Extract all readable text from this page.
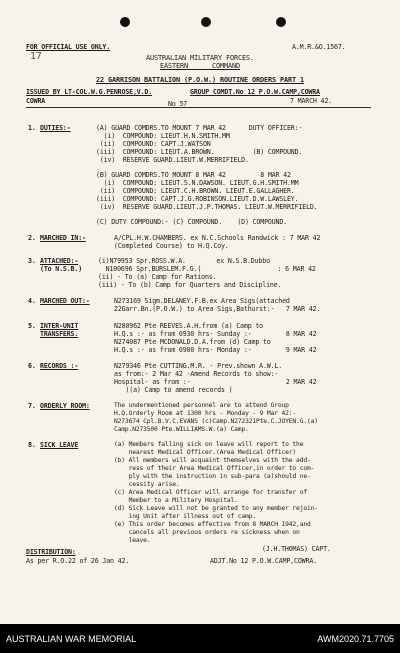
FOR OFFICIAL USE ONLY.	A.M.R.&O.1567.
17	AUSTRALIAN MILITARY FORCES.
EASTERN      COMMAND
22 GARRISON BATTALION (P.O.W.) ROUTINE ORDERS PART 1
ISSUED BY LT-COL.W.G.PENROSE,V.D.	GROUP COMDT.No 12 P.O.W.CAMP,COWRA
COWRA	No 57	7 MARCH 42.
1. DUTIES:-	(A) GUARD COMDRS.TO MOUNT 7 MAR 42      DUTY OFFICER:-
(i)  COMPOUND: LIEUT.H.N.SMITH.MM
(ii)  COMPOUND: CAPT.J.WATSON
(iii)  COMPOUND: LIEUT.A.BROWN.          (B) COMPOUND.
(iv)  RESERVE GUARD.LIEUT.W.MERRIFIELD.
(B) GUARD COMDRS.TO MOUNT 8 MAR 42         8 MAR 42
(i)  COMPOUND: LIEUT.S.N.DAWSON. LIEUT.G.H.SMITH.MM
(ii)  COMPOUND: LIEUT.C.H.BROWN. LIEUT.E.GALLAGHER.
(iii)  COMPOUND: CAPT.J.G.ROBINSON.LIEUT.D.W.LAWSLEY.
(iv)  RESERVE GUARD.LIEUT.J.P.THOMAS. LIEUT.W.MERRIFIELD.
(C) DUTY COMPOUND:- (C) COMPOUND.    (D) COMPOUND.
2. MARCHED IN:-	A/CPL.H.W.CHAMBERS. ex N.C.Schools Randwick : 7 MAR 42
(Completed Course) to H.Q.Coy.
3. ATTACHED:-
(To N.S.B.)
(i)N79953 Spr.ROSS.W.A.        ex N.S.B.Dubbo
N100696 Spr.BURSLEM.F.G.(                    : 6 MAR 42
(ii) - To (a) Camp for Rations.
(iii) - To (b) Camp for Quarters and Discipline.
4. MARCHED OUT:-	N273169 Sigm.DELANEY.F.B.ex Area Sigs(attached
22Garr.Bn.(P.O.W.) to Area Sigs,Bathurst:-   7 MAR 42.
5. INTER-UNIT
TRANSFERS.
N280962 Pte REEVES.A.H.from (a) Camp to
H.Q.s :- as from 0930 hrs- Sunday :-         8 MAR 42
N274087 Pte MCDONALD.D.A.from (d) Camp to
H.Q.s :- as from 0900 hrs- Monday :-         9 MAR 42
6. RECORDS :-	N279346 Pte CUTTING.M.R. - Prev.shown A.W.L.
as from:- 2 Mar 42 -Amend Records to show:-
Hospital- as from :-                         2 MAR 42
((a) Camp to amend records )
7. ORDERLY ROOM:	The undermentioned personnel are to attend Group
H.Q.Orderly Room at 1300 hrs - Monday - 9 Mar 42:-
N273674 Cpl.B.V.C.EVANS (c)Camp.N272321Pte.C.JOYEN.G.(a)
Camp.N273500 Pte.WILLIAMS.W.(a) Camp.
8. SICK LEAVE	(a) Members falling sick on leave will report to the
nearest Medical Officer.(Area Medical Officer)
(b) All members will acquaint themselves with the add-
ress of their Area Medical Officer,in order to com-
ply with the instruction in sub-para (a)should ne-
cessity arise.
(c) Area Medical Officer will arrange for transfer of
Member to a Military Hospital.
(d) Sick Leave will not be granted to any member rejoin-
ing Unit after illness out of camp.
(e) This order becomes effective from 8 MARCH 1942,and
cancels all previous orders re sickness when on
leave.
DISTRIBUTION:
As per R.O.22 of 26 Jan 42.
(J.H.THOMAS) CAPT.
ADJT.No 12 P.O.W.CAMP,COWRA.
AUSTRALIAN WAR MEMORIAL	AWM2020.71.7705
